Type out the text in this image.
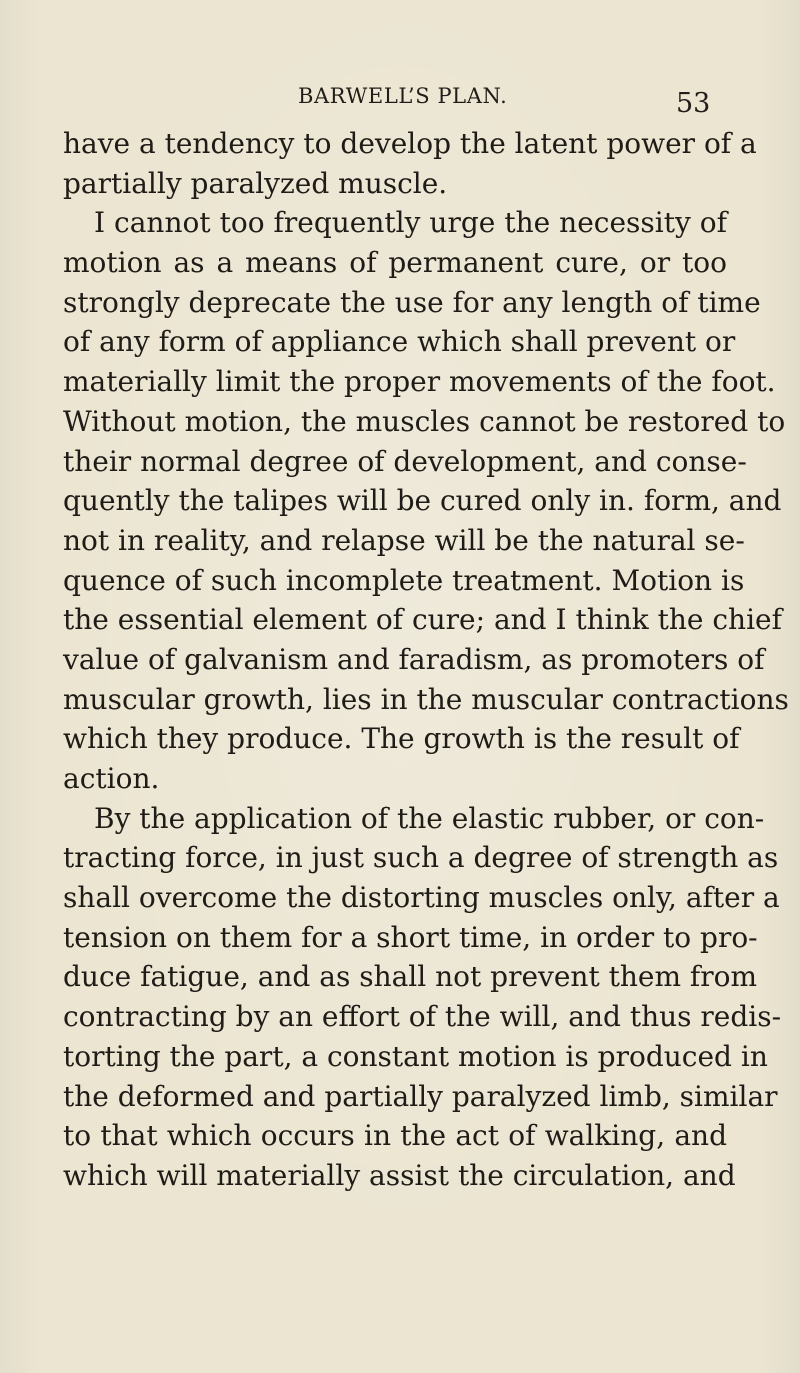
BARWELL’S PLAN.	53
have a tendency to develop the latent power of a
partially paralyzed muscle.
I cannot too frequently urge the necessity of
motion as a means of permanent cure, or too
strongly deprecate the use for any length of time
of any form of appliance which shall prevent or
materially limit the proper movements of the foot.
Without motion, the muscles cannot be restored to
their normal degree of development, and conse-
quently the talipes will be cured only in. form, and
not in reality, and relapse will be the natural se-
quence of such incomplete treatment. Motion is
the essential element of cure; and I think the chief
value of galvanism and faradism, as promoters of
muscular growth, lies in the muscular contractions
which they produce. The growth is the result of
action.
By the application of the elastic rubber, or con-
tracting force, in just such a degree of strength as
shall overcome the distorting muscles only, after a
tension on them for a short time, in order to pro-
duce fatigue, and as shall not prevent them from
contracting by an effort of the will, and thus redis-
torting the part, a constant motion is produced in
the deformed and partially paralyzed limb, similar
to that which occurs in the act of walking, and
which will materially assist the circulation, and
